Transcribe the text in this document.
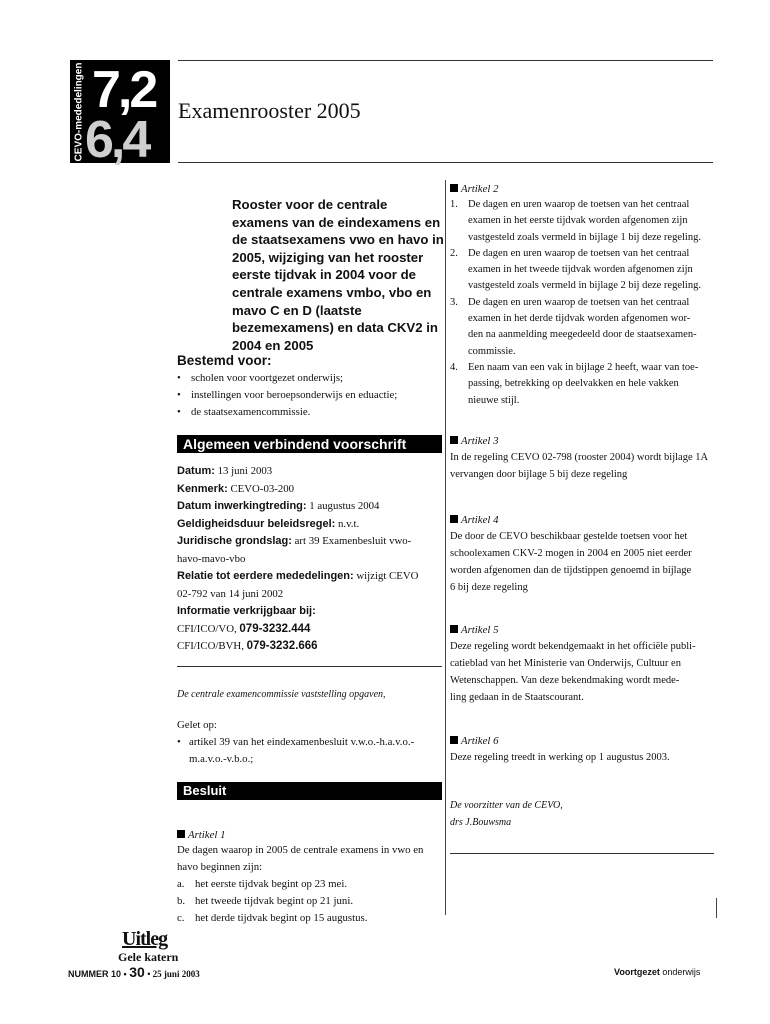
CEVO-mededelingen 6,4
7,2 Examenrooster 2005
Rooster voor de centrale examens van de eindexamens en de staatsexamens vwo en havo in 2005, wijziging van het rooster eerste tijdvak in 2004 voor de centrale examens vmbo, vbo en mavo C en D (laatste bezemexamens) en data CKV2 in 2004 en 2005
Bestemd voor:
• scholen voor voortgezet onderwijs;
• instellingen voor beroepsonderwijs en eduactie;
• de staatsexamencommissie.
Algemeen verbindend voorschrift
Datum: 13 juni 2003
Kenmerk: CEVO-03-200
Datum inwerkingtreding: 1 augustus 2004
Geldigheidsduur beleidsregel: n.v.t.
Juridische grondslag: art 39 Examenbesluit vwo-
havo-mavo-vbo
Relatie tot eerdere mededelingen: wijzigt CEVO
02-792 van 14 juni 2002
Informatie verkrijgbaar bij:
CFI/ICO/VO, 079-3232.444
CFI/ICO/BVH, 079-3232.666
De centrale examencommissie vaststelling opgaven,
Gelet op:
• artikel 39 van het eindexamenbesluit v.w.o.-h.a.v.o.-
m.a.v.o.-v.b.o.;
Besluit
Artikel 1
De dagen waarop in 2005 de centrale examens in vwo en
havo beginnen zijn:
a. het eerste tijdvak begint op 23 mei.
b. het tweede tijdvak begint op 21 juni.
c. het derde tijdvak begint op 15 augustus.
Artikel 2
1. De dagen en uren waarop de toetsen van het centraal
examen in het eerste tijdvak worden afgenomen zijn
vastgesteld zoals vermeld in bijlage 1 bij deze regeling.
2. De dagen en uren waarop de toetsen van het centraal
examen in het tweede tijdvak worden afgenomen zijn
vastgesteld zoals vermeld in bijlage 2 bij deze regeling.
3. De dagen en uren waarop de toetsen van het centraal
examen in het derde tijdvak worden afgenomen wor-
den na aanmelding meegedeeld door de staatsexamen-
commissie.
4. Een naam van een vak in bijlage 2 heeft, waar van toe-
passing, betrekking op deelvakken en hele vakken
nieuwe stijl.
Artikel 3
In de regeling CEVO 02-798 (rooster 2004) wordt bijlage 1A
vervangen door bijlage 5 bij deze regeling
Artikel 4
De door de CEVO beschikbaar gestelde toetsen voor het
schoolexamen CKV-2 mogen in 2004 en 2005 niet eerder
worden afgenomen dan de tijdstippen genoemd in bijlage
6 bij deze regeling
Artikel 5
Deze regeling wordt bekendgemaakt in het officiële publi-
catieblad van het Ministerie van Onderwijs, Cultuur en
Wetenschappen. Van deze bekendmaking wordt mede-
ling gedaan in de Staatscourant.
Artikel 6
Deze regeling treedt in werking op 1 augustus 2003.
De voorzitter van de CEVO,
drs J.Bouwsma
Uitleg
Gele katern
NUMMER 10 • 30 • 25 juni 2003	Voortgezet onderwijs
